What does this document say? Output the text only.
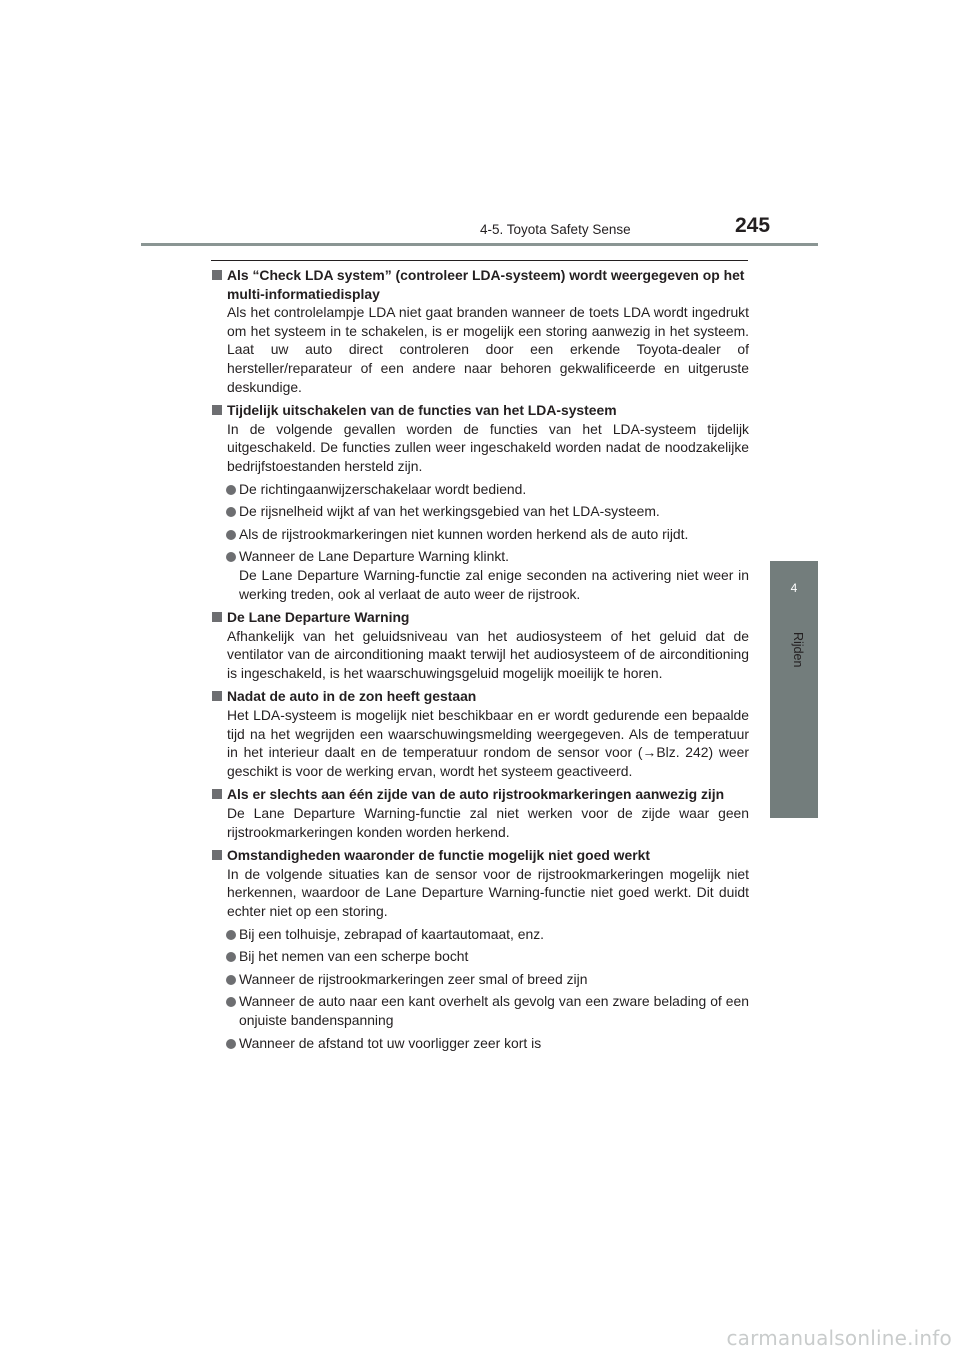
4-5. Toyota Safety Sense	245
4
Rijden
Als “Check LDA system” (controleer LDA-systeem) wordt weergegeven op het multi-informatiedisplay
Als het controlelampje LDA niet gaat branden wanneer de toets LDA wordt ingedrukt om het systeem in te schakelen, is er mogelijk een storing aanwezig in het systeem. Laat uw auto direct controleren door een erkende Toyota-dealer of hersteller/reparateur of een andere naar behoren gekwalificeerde en uitgeruste deskundige.
Tijdelijk uitschakelen van de functies van het LDA-systeem
In de volgende gevallen worden de functies van het LDA-systeem tijdelijk uitgeschakeld. De functies zullen weer ingeschakeld worden nadat de noodzakelijke bedrijfstoestanden hersteld zijn.
De richtingaanwijzerschakelaar wordt bediend.
De rijsnelheid wijkt af van het werkingsgebied van het LDA-systeem.
Als de rijstrookmarkeringen niet kunnen worden herkend als de auto rijdt.
Wanneer de Lane Departure Warning klinkt.
De Lane Departure Warning-functie zal enige seconden na activering niet weer in werking treden, ook al verlaat de auto weer de rijstrook.
De Lane Departure Warning
Afhankelijk van het geluidsniveau van het audiosysteem of het geluid dat de ventilator van de airconditioning maakt terwijl het audiosysteem of de airconditioning is ingeschakeld, is het waarschuwingsgeluid mogelijk moeilijk te horen.
Nadat de auto in de zon heeft gestaan
Het LDA-systeem is mogelijk niet beschikbaar en er wordt gedurende een bepaalde tijd na het wegrijden een waarschuwingsmelding weergegeven. Als de temperatuur in het interieur daalt en de temperatuur rondom de sensor voor (→Blz. 242) weer geschikt is voor de werking ervan, wordt het systeem geactiveerd.
Als er slechts aan één zijde van de auto rijstrookmarkeringen aanwezig zijn
De Lane Departure Warning-functie zal niet werken voor de zijde waar geen rijstrookmarkeringen konden worden herkend.
Omstandigheden waaronder de functie mogelijk niet goed werkt
In de volgende situaties kan de sensor voor de rijstrookmarkeringen mogelijk niet herkennen, waardoor de Lane Departure Warning-functie niet goed werkt. Dit duidt echter niet op een storing.
Bij een tolhuisje, zebrapad of kaartautomaat, enz.
Bij het nemen van een scherpe bocht
Wanneer de rijstrookmarkeringen zeer smal of breed zijn
Wanneer de auto naar een kant overhelt als gevolg van een zware belading of een onjuiste bandenspanning
Wanneer de afstand tot uw voorligger zeer kort is
carmanualsonline.info
